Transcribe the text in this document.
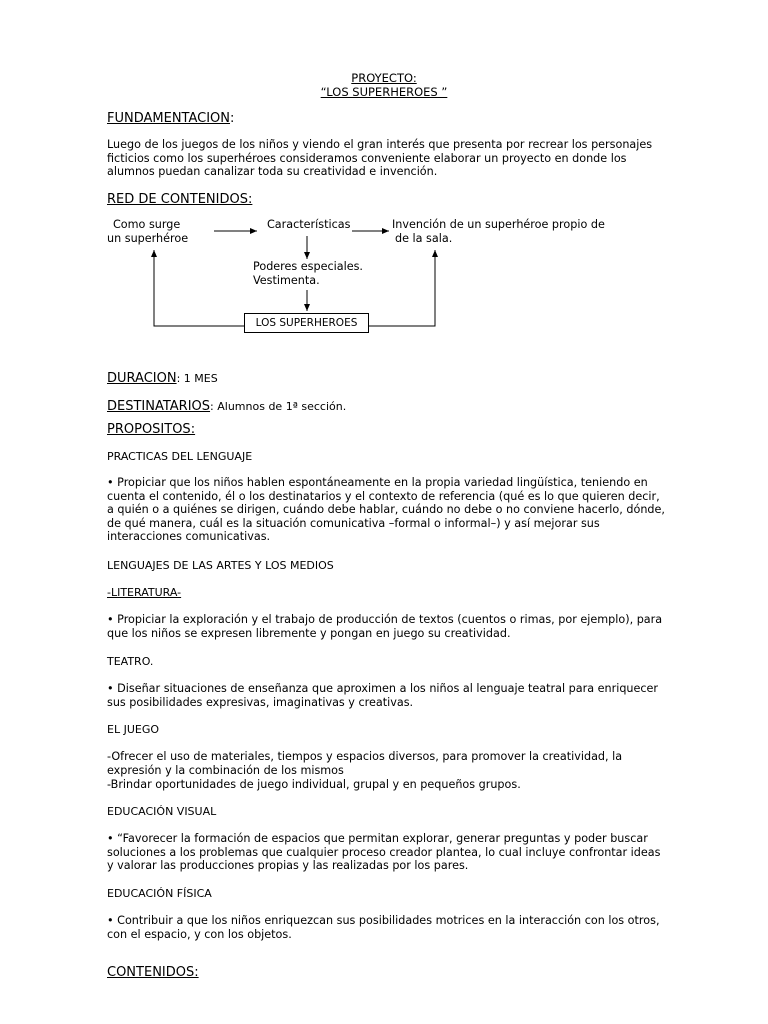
PROYECTO:

“LOS SUPERHEROES ”

FUNDAMENTACION:

Luego de los juegos de los niños y viendo el gran interés que presenta por recrear los personajes ficticios como los superhéroes consideramos conveniente elaborar un proyecto en donde los alumnos puedan canalizar toda su creatividad e invención.

RED DE CONTENIDOS:

Como surge

un superhéroe

Características	Invención de un superhéroe propio de

de la sala.

Poderes especiales.

Vestimenta.

LOS SUPERHEROES

DURACION: 1 MES

DESTINATARIOS: Alumnos de 1ª sección.

PROPOSITOS:

PRACTICAS DEL LENGUAJE

• Propiciar que los niños hablen espontáneamente en la propia variedad lingüística, teniendo en cuenta el contenido, él o los destinatarios y el contexto de referencia (qué es lo que quieren decir, a quién o a quiénes se dirigen, cuándo debe hablar, cuándo no debe o no conviene hacerlo, dónde, de qué manera, cuál es la situación comunicativa –formal o informal–) y así mejorar sus interacciones comunicativas.

LENGUAJES DE LAS ARTES Y LOS MEDIOS

-LITERATURA-

• Propiciar la exploración y el trabajo de producción de textos (cuentos o rimas, por ejemplo), para que los niños se expresen libremente y pongan en juego su creatividad.

TEATRO.

• Diseñar situaciones de enseñanza que aproximen a los niños al lenguaje teatral para enriquecer sus posibilidades expresivas, imaginativas y creativas.

EL JUEGO

-Ofrecer el uso de materiales, tiempos y espacios diversos, para promover la creatividad, la

expresión y la combinación de los mismos

-Brindar oportunidades de juego individual, grupal y en pequeños grupos.

EDUCACIÓN VISUAL

• “Favorecer la formación de espacios que permitan explorar, generar preguntas y poder buscar soluciones a los problemas que cualquier proceso creador plantea, lo cual incluye confrontar ideas y valorar las producciones propias y las realizadas por los pares.

EDUCACIÓN FÍSICA

• Contribuir a que los niños enriquezcan sus posibilidades motrices en la interacción con los otros, con el espacio, y con los objetos.

CONTENIDOS:
